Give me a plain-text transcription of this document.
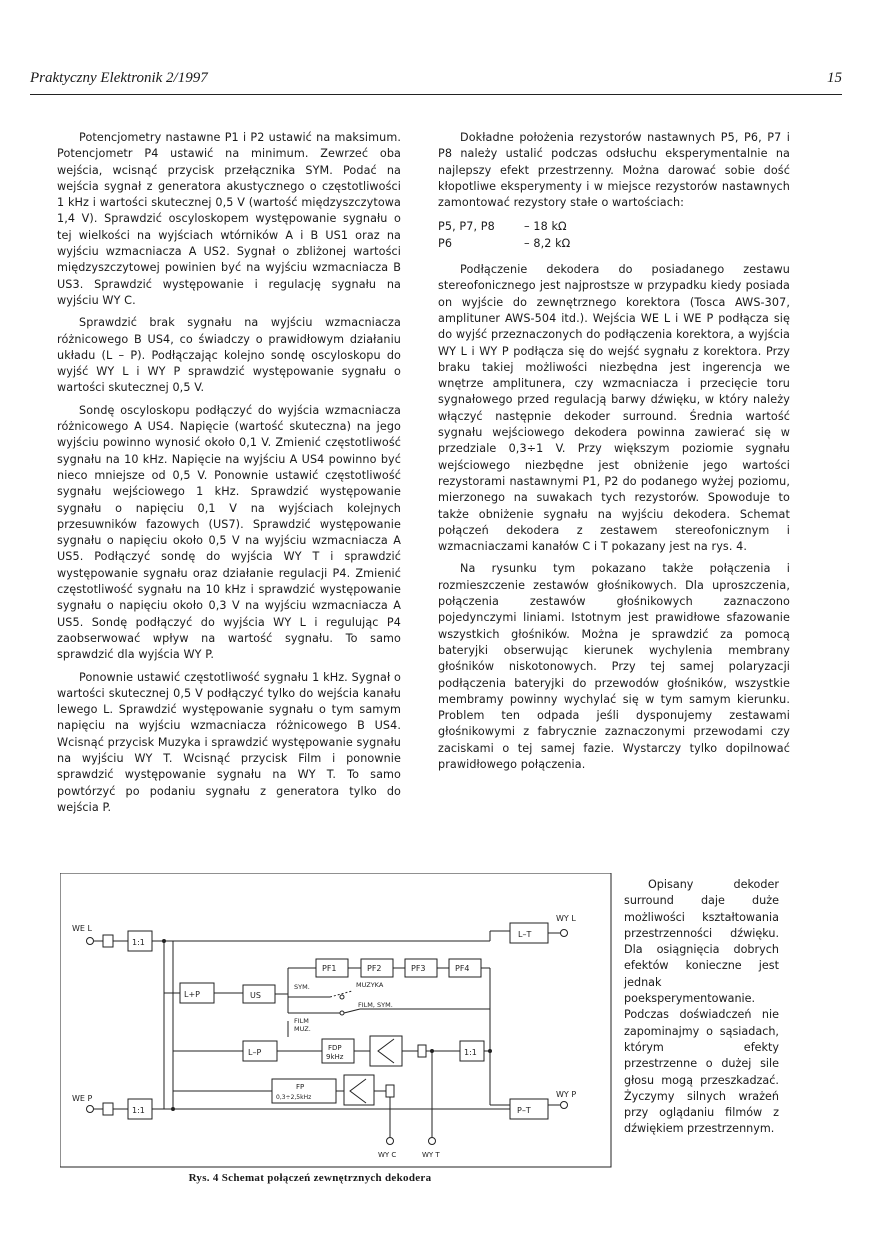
Praktyczny Elektronik 2/1997	15

Potencjometry nastawne P1 i P2 ustawić na maksimum. Potencjometr P4 ustawić na minimum. Zewrzeć oba wejścia, wcisnąć przycisk przełącznika SYM. Podać na wejścia sygnał z generatora akustycznego o częstotliwości 1 kHz i wartości skutecznej 0,5 V (wartość międzyszczytowa 1,4 V). Sprawdzić oscyloskopem występowanie sygnału o tej wielkości na wyjściach wtórników A i B US1 oraz na wyjściu wzmacniacza A US2. Sygnał o zbliżonej wartości międzyszczytowej powinien być na wyjściu wzmacniacza B US3. Sprawdzić występowanie i regulację sygnału na wyjściu WY C.

Sprawdzić brak sygnału na wyjściu wzmacniacza różnicowego B US4, co świadczy o prawidłowym działaniu układu (L – P). Podłączając kolejno sondę oscyloskopu do wyjść WY L i WY P sprawdzić występowanie sygnału o wartości skutecznej 0,5 V.

Sondę oscyloskopu podłączyć do wyjścia wzmacniacza różnicowego A US4. Napięcie (wartość skuteczna) na jego wyjściu powinno wynosić około 0,1 V. Zmienić częstotliwość sygnału na 10 kHz. Napięcie na wyjściu A US4 powinno być nieco mniejsze od 0,5 V. Ponownie ustawić częstotliwość sygnału wejściowego 1 kHz. Sprawdzić występowanie sygnału o napięciu 0,1 V na wyjściach kolejnych przesuwników fazowych (US7). Sprawdzić występowanie sygnału o napięciu około 0,5 V na wyjściu wzmacniacza A US5. Podłączyć sondę do wyjścia WY T i sprawdzić występowanie sygnału oraz działanie regulacji P4. Zmienić częstotliwość sygnału na 10 kHz i sprawdzić występowanie sygnału o napięciu około 0,3 V na wyjściu wzmacniacza A US5. Sondę podłączyć do wyjścia WY L i regulując P4 zaobserwować wpływ na wartość sygnału. To samo sprawdzić dla wyjścia WY P.

Ponownie ustawić częstotliwość sygnału 1 kHz. Sygnał o wartości skutecznej 0,5 V podłączyć tylko do wejścia kanału lewego L. Sprawdzić występowanie sygnału o tym samym napięciu na wyjściu wzmacniacza różnicowego B US4. Wcisnąć przycisk Muzyka i sprawdzić występowanie sygnału na wyjściu WY T. Wcisnąć przycisk Film i ponownie sprawdzić występowanie sygnału na WY T. To samo powtórzyć po podaniu sygnału z generatora tylko do wejścia P.

Dokładne położenia rezystorów nastawnych P5, P6, P7 i P8 należy ustalić podczas odsłuchu eksperymentalnie na najlepszy efekt przestrzenny. Można darować sobie dość kłopotliwe eksperymenty i w miejsce rezystorów nastawnych zamontować rezystory stałe o wartościach:

P5, P7, P8	– 18 kΩ
P6	– 8,2 kΩ

Podłączenie dekodera do posiadanego zestawu stereofonicznego jest najprostsze w przypadku kiedy posiada on wyjście do zewnętrznego korektora (Tosca AWS-307, amplituner AWS-504 itd.). Wejścia WE L i WE P podłącza się do wyjść przeznaczonych do podłączenia korektora, a wyjścia WY L i WY P podłącza się do wejść sygnału z korektora. Przy braku takiej możliwości niezbędna jest ingerencja we wnętrze amplitunera, czy wzmacniacza i przecięcie toru sygnałowego przed regulacją barwy dźwięku, w który należy włączyć następnie dekoder surround. Średnia wartość sygnału wejściowego dekodera powinna zawierać się w przedziale 0,3÷1 V. Przy większym poziomie sygnału wejściowego niezbędne jest obniżenie jego wartości rezystorami nastawnymi P1, P2 do podanego wyżej poziomu, mierzonego na suwakach tych rezystorów. Spowoduje to także obniżenie sygnału na wyjściu dekodera. Schemat połączeń dekodera z zestawem stereofonicznym i wzmacniaczami kanałów C i T pokazany jest na rys. 4.

Na rysunku tym pokazano także połączenia i rozmieszczenie zestawów głośnikowych. Dla uproszczenia, połączenia zestawów głośnikowych zaznaczono pojedynczymi liniami. Istotnym jest prawidłowe sfazowanie wszystkich głośników. Można je sprawdzić za pomocą bateryjki obserwując kierunek wychylenia membrany głośników niskotonowych. Przy tej samej polaryzacji podłączenia bateryjki do przewodów głośników, wszystkie membramy powinny wychylać się w tym samym kierunku. Problem ten odpada jeśli dysponujemy zestawami głośnikowymi z fabrycznie zaznaczonymi przewodami czy zaciskami o tej samej fazie. Wystarczy tylko dopilnować prawidłowego połączenia.

Opisany dekoder surround daje duże możliwości kształtowania przestrzenności dźwięku. Dla osiągnięcia dobrych efektów konieczne jest jednak poeksperymentowanie. Podczas doświadczeń nie zapominajmy o sąsiadach, którym efekty przestrzenne o dużej sile głosu mogą przeszkadzać. Życzymy silnych wrażeń przy oglądaniu filmów z dźwiękiem przestrzennym.

WE L
WE P
1:1
1:1
WY L
WY P
L–T
P–T
PF1	PF2	PF3	PF4
L+P	US
L–P
SYM.	MUZYKA
FILM, SYM.
FILM
MUZ.
FDP
9kHz
FP
0,3÷2,5kHz
1:1
WY C	WY T
Rys. 4 Schemat połączeń zewnętrznych dekodera
